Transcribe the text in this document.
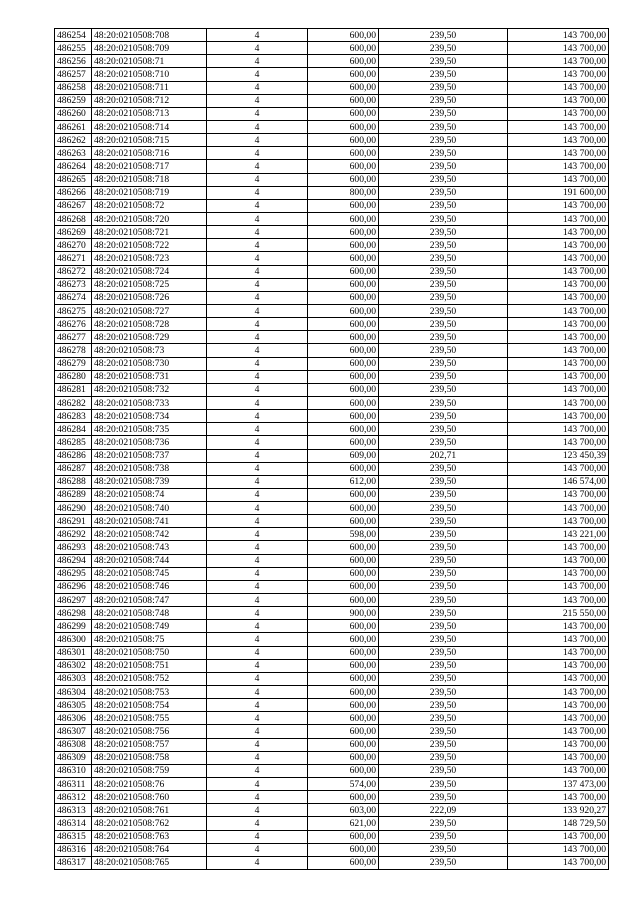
486254	48:20:0210508:708	4	600,00	239,50	143 700,00
486255	48:20:0210508:709	4	600,00	239,50	143 700,00
486256	48:20:0210508:71	4	600,00	239,50	143 700,00
486257	48:20:0210508:710	4	600,00	239,50	143 700,00
486258	48:20:0210508:711	4	600,00	239,50	143 700,00
486259	48:20:0210508:712	4	600,00	239,50	143 700,00
486260	48:20:0210508:713	4	600,00	239,50	143 700,00
486261	48:20:0210508:714	4	600,00	239,50	143 700,00
486262	48:20:0210508:715	4	600,00	239,50	143 700,00
486263	48:20:0210508:716	4	600,00	239,50	143 700,00
486264	48:20:0210508:717	4	600,00	239,50	143 700,00
486265	48:20:0210508:718	4	600,00	239,50	143 700,00
486266	48:20:0210508:719	4	800,00	239,50	191 600,00
486267	48:20:0210508:72	4	600,00	239,50	143 700,00
486268	48:20:0210508:720	4	600,00	239,50	143 700,00
486269	48:20:0210508:721	4	600,00	239,50	143 700,00
486270	48:20:0210508:722	4	600,00	239,50	143 700,00
486271	48:20:0210508:723	4	600,00	239,50	143 700,00
486272	48:20:0210508:724	4	600,00	239,50	143 700,00
486273	48:20:0210508:725	4	600,00	239,50	143 700,00
486274	48:20:0210508:726	4	600,00	239,50	143 700,00
486275	48:20:0210508:727	4	600,00	239,50	143 700,00
486276	48:20:0210508:728	4	600,00	239,50	143 700,00
486277	48:20:0210508:729	4	600,00	239,50	143 700,00
486278	48:20:0210508:73	4	600,00	239,50	143 700,00
486279	48:20:0210508:730	4	600,00	239,50	143 700,00
486280	48:20:0210508:731	4	600,00	239,50	143 700,00
486281	48:20:0210508:732	4	600,00	239,50	143 700,00
486282	48:20:0210508:733	4	600,00	239,50	143 700,00
486283	48:20:0210508:734	4	600,00	239,50	143 700,00
486284	48:20:0210508:735	4	600,00	239,50	143 700,00
486285	48:20:0210508:736	4	600,00	239,50	143 700,00
486286	48:20:0210508:737	4	609,00	202,71	123 450,39
486287	48:20:0210508:738	4	600,00	239,50	143 700,00
486288	48:20:0210508:739	4	612,00	239,50	146 574,00
486289	48:20:0210508:74	4	600,00	239,50	143 700,00
486290	48:20:0210508:740	4	600,00	239,50	143 700,00
486291	48:20:0210508:741	4	600,00	239,50	143 700,00
486292	48:20:0210508:742	4	598,00	239,50	143 221,00
486293	48:20:0210508:743	4	600,00	239,50	143 700,00
486294	48:20:0210508:744	4	600,00	239,50	143 700,00
486295	48:20:0210508:745	4	600,00	239,50	143 700,00
486296	48:20:0210508:746	4	600,00	239,50	143 700,00
486297	48:20:0210508:747	4	600,00	239,50	143 700,00
486298	48:20:0210508:748	4	900,00	239,50	215 550,00
486299	48:20:0210508:749	4	600,00	239,50	143 700,00
486300	48:20:0210508:75	4	600,00	239,50	143 700,00
486301	48:20:0210508:750	4	600,00	239,50	143 700,00
486302	48:20:0210508:751	4	600,00	239,50	143 700,00
486303	48:20:0210508:752	4	600,00	239,50	143 700,00
486304	48:20:0210508:753	4	600,00	239,50	143 700,00
486305	48:20:0210508:754	4	600,00	239,50	143 700,00
486306	48:20:0210508:755	4	600,00	239,50	143 700,00
486307	48:20:0210508:756	4	600,00	239,50	143 700,00
486308	48:20:0210508:757	4	600,00	239,50	143 700,00
486309	48:20:0210508:758	4	600,00	239,50	143 700,00
486310	48:20:0210508:759	4	600,00	239,50	143 700,00
486311	48:20:0210508:76	4	574,00	239,50	137 473,00
486312	48:20:0210508:760	4	600,00	239,50	143 700,00
486313	48:20:0210508:761	4	603,00	222,09	133 920,27
486314	48:20:0210508:762	4	621,00	239,50	148 729,50
486315	48:20:0210508:763	4	600,00	239,50	143 700,00
486316	48:20:0210508:764	4	600,00	239,50	143 700,00
486317	48:20:0210508:765	4	600,00	239,50	143 700,00
